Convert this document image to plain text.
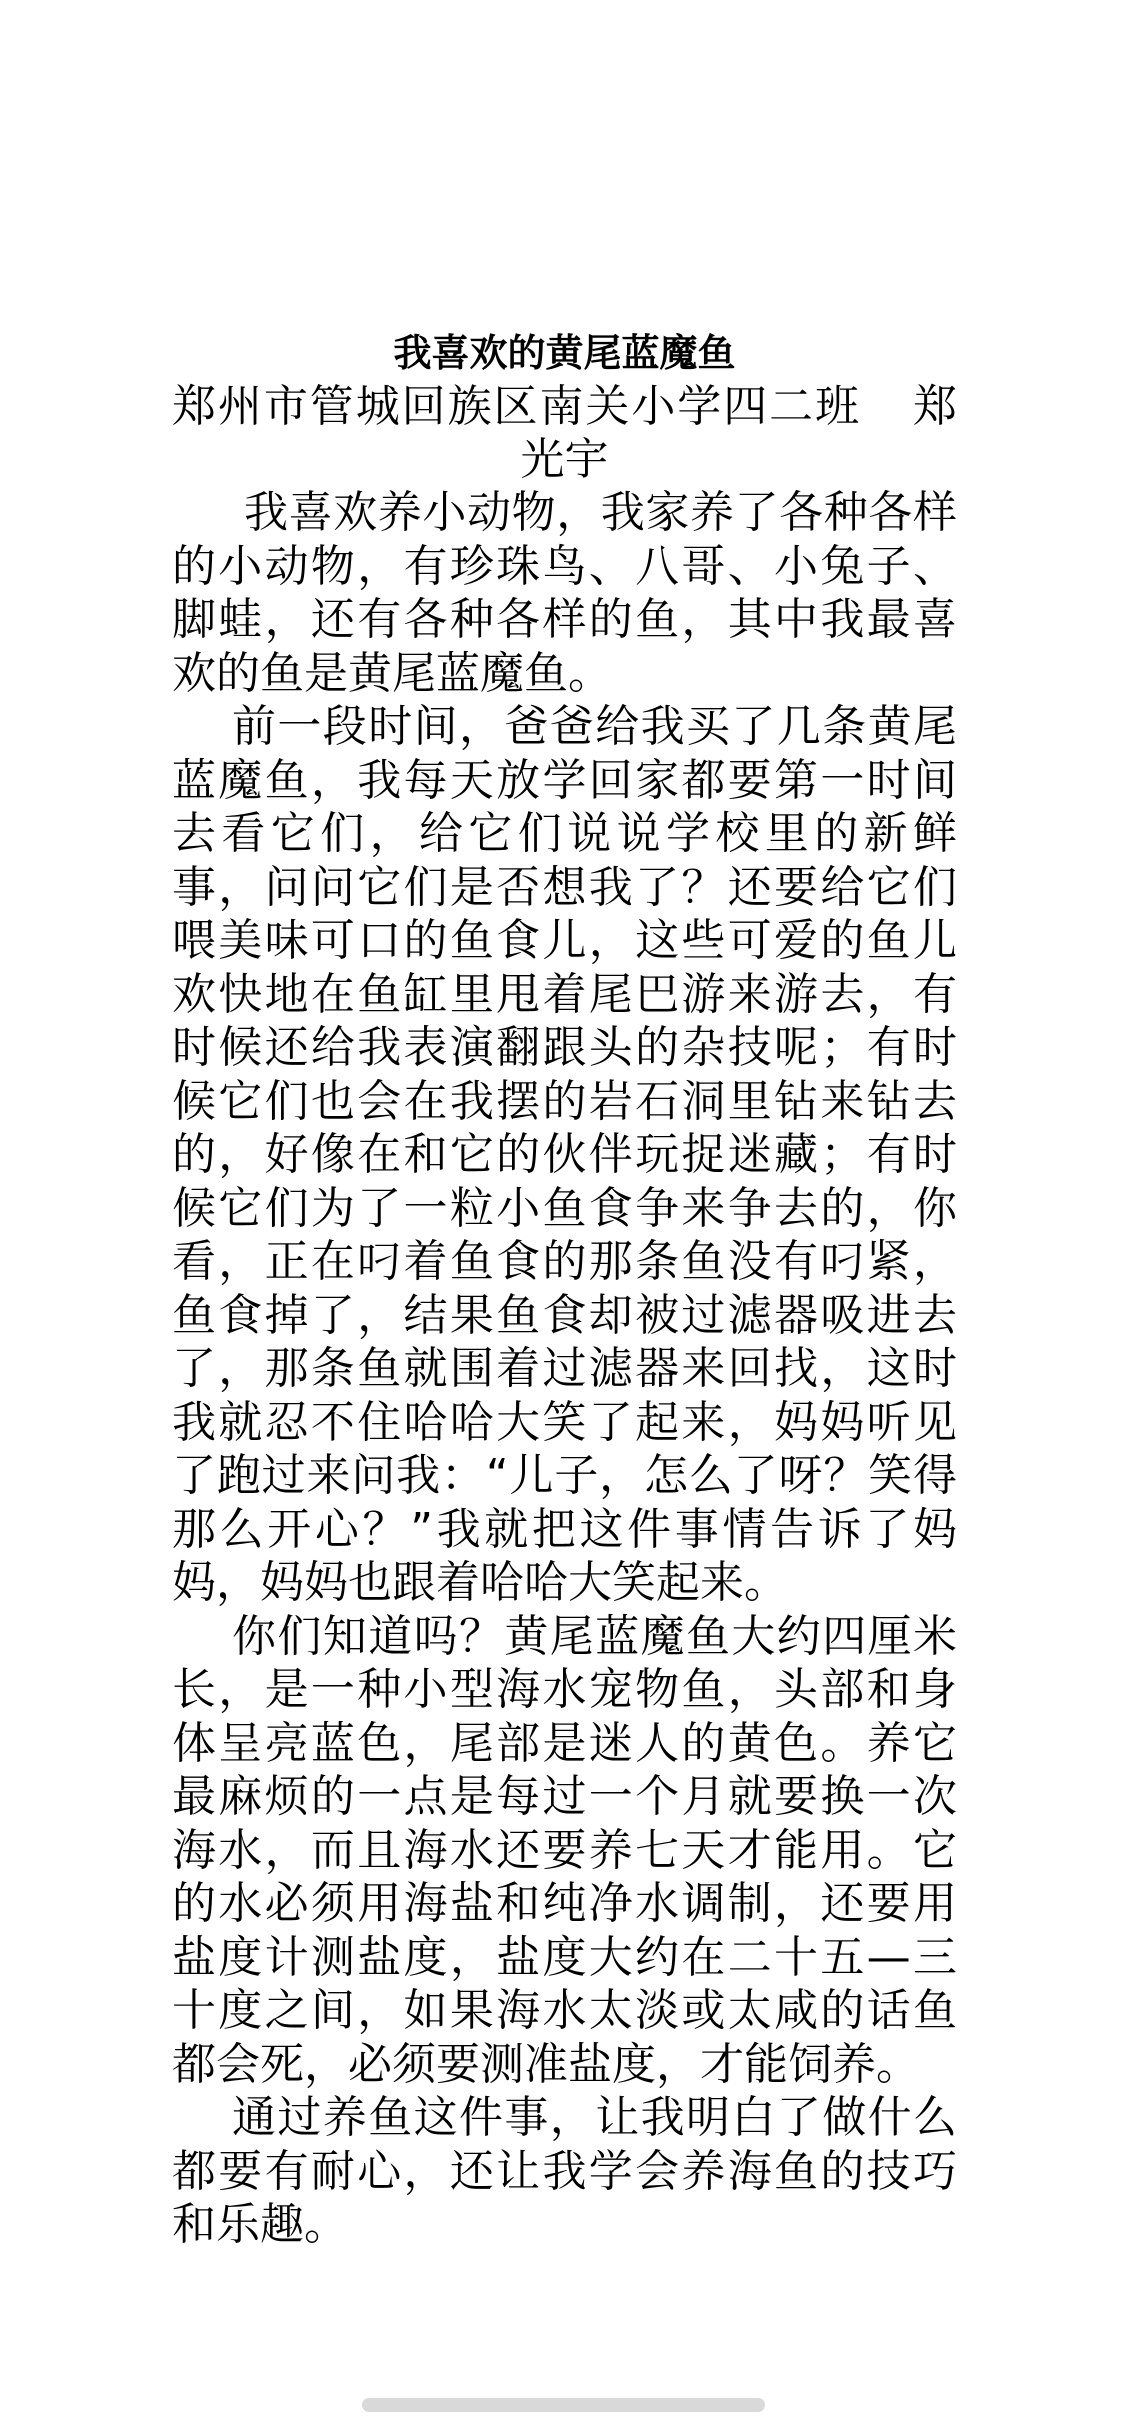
我喜欢的黄尾蓝魔鱼

郑州市管城回族区南关小学四二班 郑光宇

我喜欢养小动物，我家养了各种各样的小动物，有珍珠鸟、八哥、小兔子、脚蛙，还有各种各样的鱼，其中我最喜欢的鱼是黄尾蓝魔鱼。

前一段时间，爸爸给我买了几条黄尾蓝魔鱼，我每天放学回家都要第一时间去看它们，给它们说说学校里的新鲜事，问问它们是否想我了？还要给它们喂美味可口的鱼食儿，这些可爱的鱼儿欢快地在鱼缸里甩着尾巴游来游去，有时候还给我表演翻跟头的杂技呢；有时候它们也会在我摆的岩石洞里钻来钻去的，好像在和它的伙伴玩捉迷藏；有时候它们为了一粒小鱼食争来争去的，你看，正在叼着鱼食的那条鱼没有叼紧，鱼食掉了，结果鱼食却被过滤器吸进去了，那条鱼就围着过滤器来回找，这时我就忍不住哈哈大笑了起来，妈妈听见了跑过来问我：“儿子，怎么了呀？笑得那么开心？”我就把这件事情告诉了妈妈，妈妈也跟着哈哈大笑起来。

你们知道吗？黄尾蓝魔鱼大约四厘米长，是一种小型海水宠物鱼，头部和身体呈亮蓝色，尾部是迷人的黄色。养它最麻烦的一点是每过一个月就要换一次海水，而且海水还要养七天才能用。它的水必须用海盐和纯净水调制，还要用盐度计测盐度，盐度大约在二十五—三十度之间，如果海水太淡或太咸的话鱼都会死，必须要测准盐度，才能饲养。

通过养鱼这件事，让我明白了做什么都要有耐心，还让我学会养海鱼的技巧和乐趣。
